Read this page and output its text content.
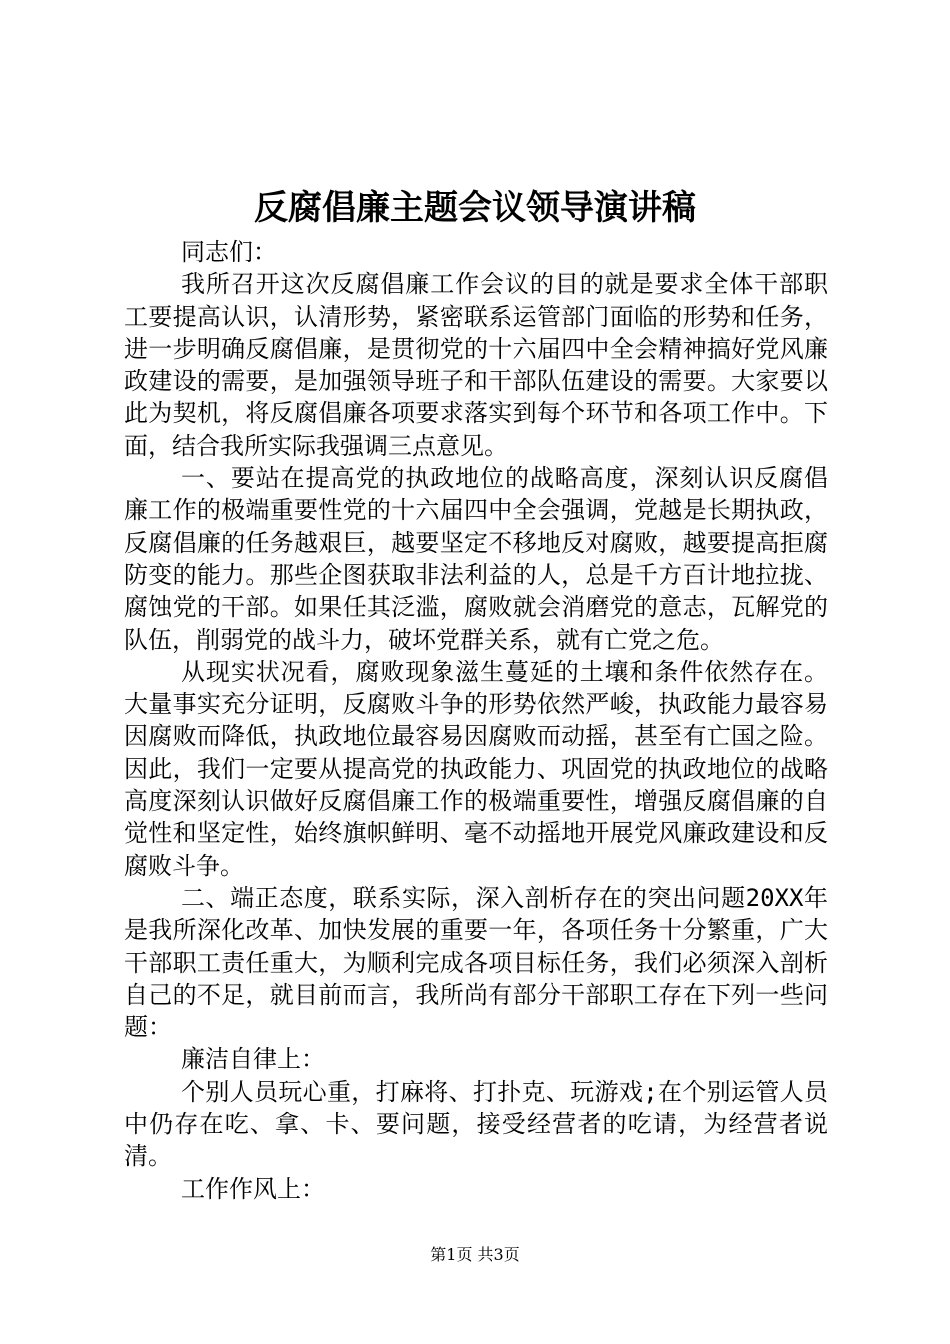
反腐倡廉主题会议领导演讲稿

同志们：

我所召开这次反腐倡廉工作会议的目的就是要求全体干部职工要提高认识，认清形势，紧密联系运管部门面临的形势和任务，进一步明确反腐倡廉，是贯彻党的十六届四中全会精神搞好党风廉政建设的需要，是加强领导班子和干部队伍建设的需要。大家要以此为契机，将反腐倡廉各项要求落实到每个环节和各项工作中。下面，结合我所实际我强调三点意见。

一、要站在提高党的执政地位的战略高度，深刻认识反腐倡廉工作的极端重要性党的十六届四中全会强调，党越是长期执政，反腐倡廉的任务越艰巨，越要坚定不移地反对腐败，越要提高拒腐防变的能力。那些企图获取非法利益的人，总是千方百计地拉拢、腐蚀党的干部。如果任其泛滥，腐败就会消磨党的意志，瓦解党的队伍，削弱党的战斗力，破坏党群关系，就有亡党之危。

从现实状况看，腐败现象滋生蔓延的土壤和条件依然存在。大量事实充分证明，反腐败斗争的形势依然严峻，执政能力最容易因腐败而降低，执政地位最容易因腐败而动摇，甚至有亡国之险。因此，我们一定要从提高党的执政能力、巩固党的执政地位的战略高度深刻认识做好反腐倡廉工作的极端重要性，增强反腐倡廉的自觉性和坚定性，始终旗帜鲜明、毫不动摇地开展党风廉政建设和反腐败斗争。

二、端正态度，联系实际，深入剖析存在的突出问题20XX年是我所深化改革、加快发展的重要一年，各项任务十分繁重，广大干部职工责任重大，为顺利完成各项目标任务，我们必须深入剖析自己的不足，就目前而言，我所尚有部分干部职工存在下列一些问题：

廉洁自律上：

个别人员玩心重，打麻将、打扑克、玩游戏;在个别运管人员中仍存在吃、拿、卡、要问题，接受经营者的吃请，为经营者说清。

工作作风上：

第1页 共3页
